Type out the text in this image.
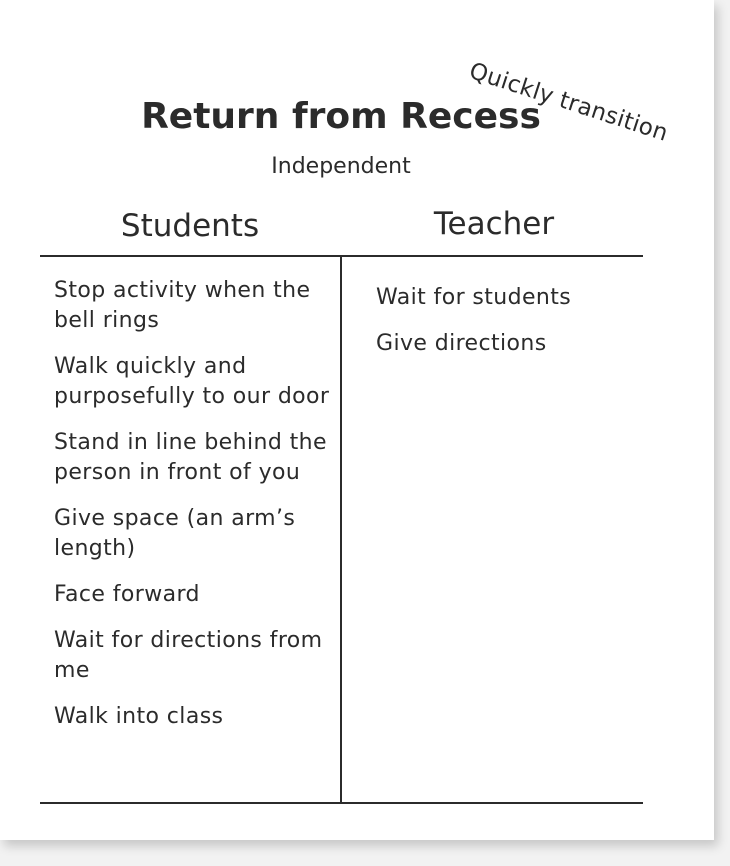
Quickly transition
Return from Recess
Independent
Students	Teacher
Stop activity when the bell rings
Walk quickly and purposefully to our door
Stand in line behind the person in front of you
Give space (an arm’s length)
Face forward
Wait for directions from me
Walk into class
Wait for students
Give directions
